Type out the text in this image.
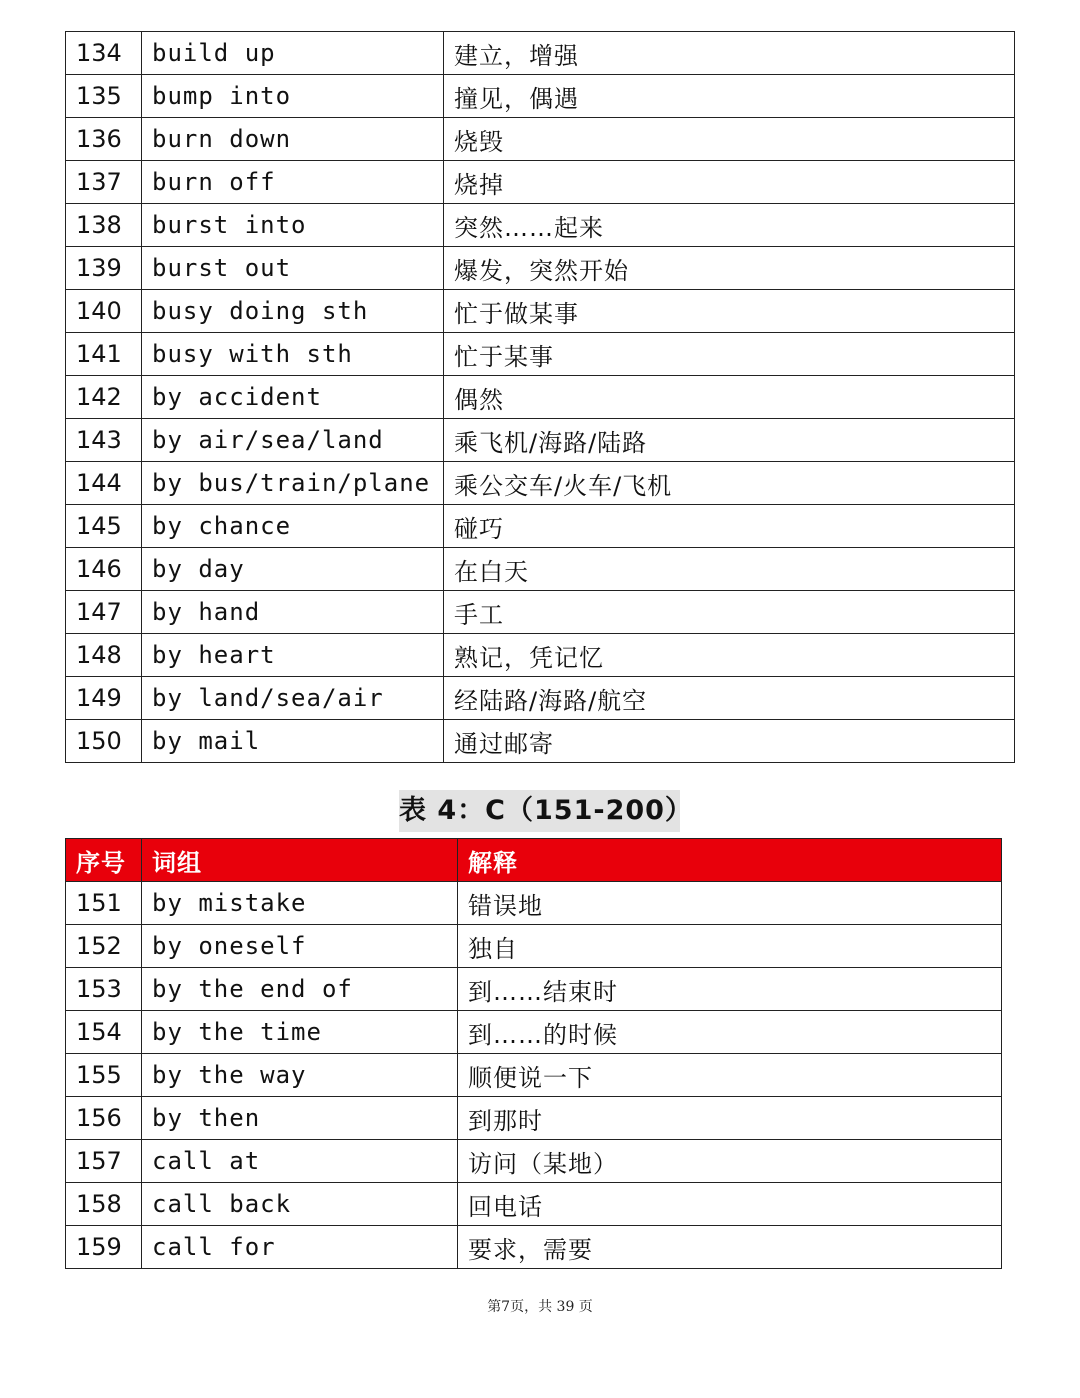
134	build up	建立，增强
135	bump into	撞见，偶遇
136	burn down	烧毁
137	burn off	烧掉
138	burst into	突然……起来
139	burst out	爆发，突然开始
140	busy doing sth	忙于做某事
141	busy with sth	忙于某事
142	by accident	偶然
143	by air/sea/land	乘飞机/海路/陆路
144	by bus/train/plane	乘公交车/火车/飞机
145	by chance	碰巧
146	by day	在白天
147	by hand	手工
148	by heart	熟记，凭记忆
149	by land/sea/air	经陆路/海路/航空
150	by mail	通过邮寄
表 4：C（151-200）
序号	词组	解释
151	by mistake	错误地
152	by oneself	独自
153	by the end of	到……结束时
154	by the time	到……的时候
155	by the way	顺便说一下
156	by then	到那时
157	call at	访问（某地）
158	call back	回电话
159	call for	要求，需要
第7页，共 39 页
